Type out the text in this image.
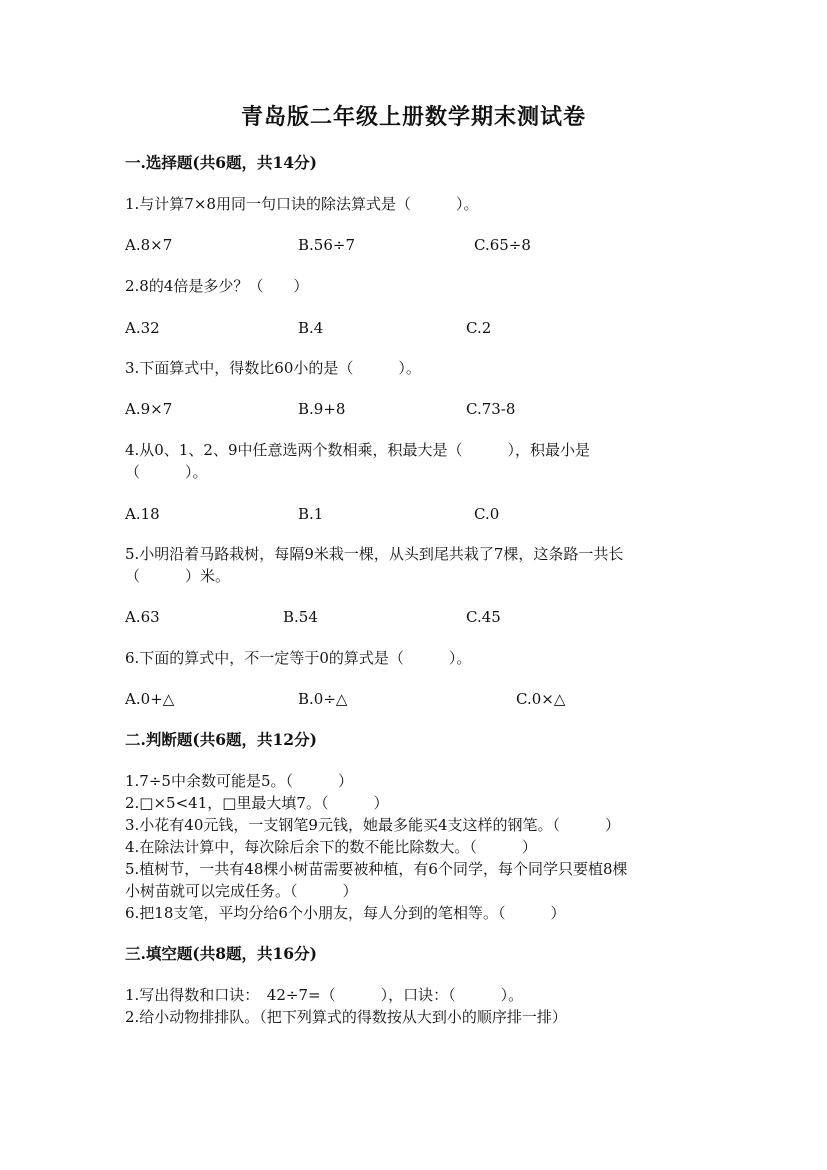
青岛版二年级上册数学期末测试卷
一.选择题(共6题，共14分)
1.与计算7×8用同一句口诀的除法算式是（　　　）。
A.8×7	B.56÷7	C.65÷8
2.8的4倍是多少？（　　）
A.32	B.4	C.2
3.下面算式中，得数比60小的是（　　　）。
A.9×7	B.9+8	C.73-8
4.从0、1、2、9中任意选两个数相乘，积最大是（　　　），积最小是
（　　　）。
A.18	B.1	C.0
5.小明沿着马路栽树，每隔9米栽一棵，从头到尾共栽了7棵，这条路一共长
（　　　）米。
A.63	B.54	C.45
6.下面的算式中，不一定等于0的算式是（　　　）。
A.0+△	B.0÷△	C.0×△
二.判断题(共6题，共12分)
1.7÷5中余数可能是5。（　　　）
2.□×5<41，□里最大填7。（　　　）
3.小花有40元钱，一支钢笔9元钱，她最多能买4支这样的钢笔。（　　　）
4.在除法计算中，每次除后余下的数不能比除数大。（　　　）
5.植树节，一共有48棵小树苗需要被种植，有6个同学，每个同学只要植8棵
小树苗就可以完成任务。（　　　）
6.把18支笔，平均分给6个小朋友，每人分到的笔相等。（　　　）
三.填空题(共8题，共16分)
1.写出得数和口诀：　42÷7=（　　　），口诀：（　　　）。
2.给小动物排排队。（把下列算式的得数按从大到小的顺序排一排）
